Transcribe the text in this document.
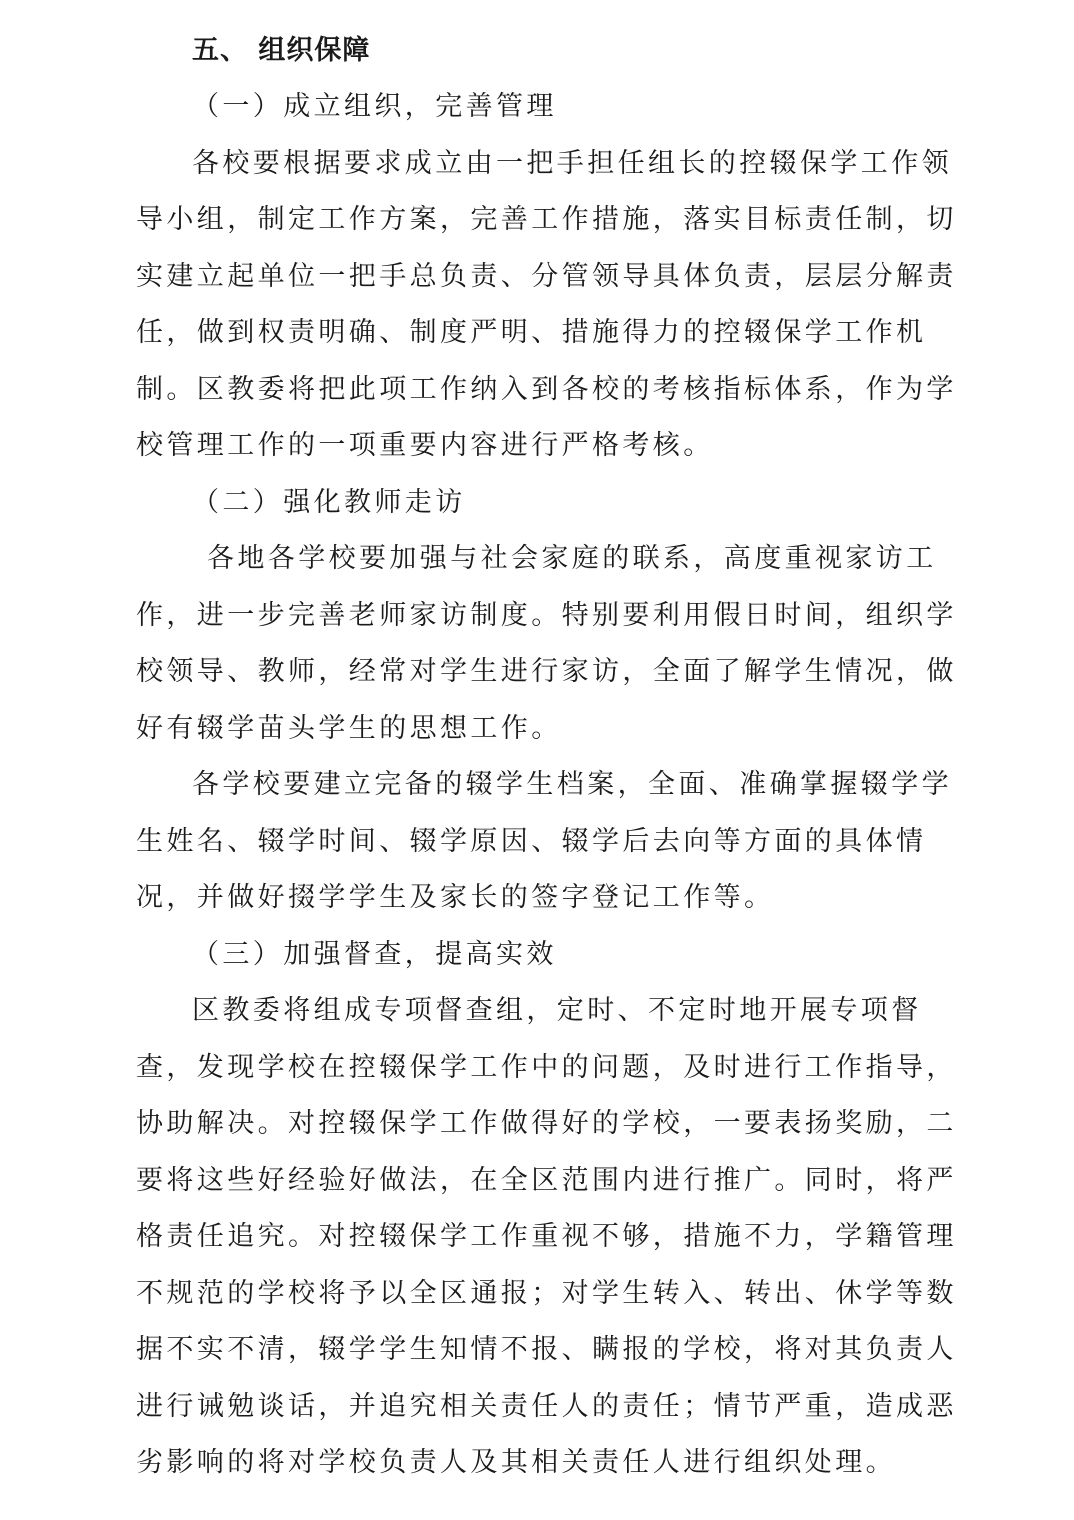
五、 组织保障

（一）成立组织，完善管理

各校要根据要求成立由一把手担任组长的控辍保学工作领

导小组，制定工作方案，完善工作措施，落实目标责任制，切

实建立起单位一把手总负责、分管领导具体负责，层层分解责

任，做到权责明确、制度严明、措施得力的控辍保学工作机

制。区教委将把此项工作纳入到各校的考核指标体系，作为学

校管理工作的一项重要内容进行严格考核。

（二）强化教师走访

各地各学校要加强与社会家庭的联系，高度重视家访工

作，进一步完善老师家访制度。特别要利用假日时间，组织学

校领导、教师，经常对学生进行家访，全面了解学生情况，做

好有辍学苗头学生的思想工作。

各学校要建立完备的辍学生档案，全面、准确掌握辍学学

生姓名、辍学时间、辍学原因、辍学后去向等方面的具体情

况，并做好掇学学生及家长的签字登记工作等。

（三）加强督查，提高实效

区教委将组成专项督查组，定时、不定时地开展专项督

查，发现学校在控辍保学工作中的问题，及时进行工作指导，

协助解决。对控辍保学工作做得好的学校，一要表扬奖励，二

要将这些好经验好做法，在全区范围内进行推广。同时，将严

格责任追究。对控辍保学工作重视不够，措施不力，学籍管理

不规范的学校将予以全区通报；对学生转入、转出、休学等数

据不实不清，辍学学生知情不报、瞒报的学校，将对其负责人

进行诫勉谈话，并追究相关责任人的责任；情节严重，造成恶

劣影响的将对学校负责人及其相关责任人进行组织处理。
